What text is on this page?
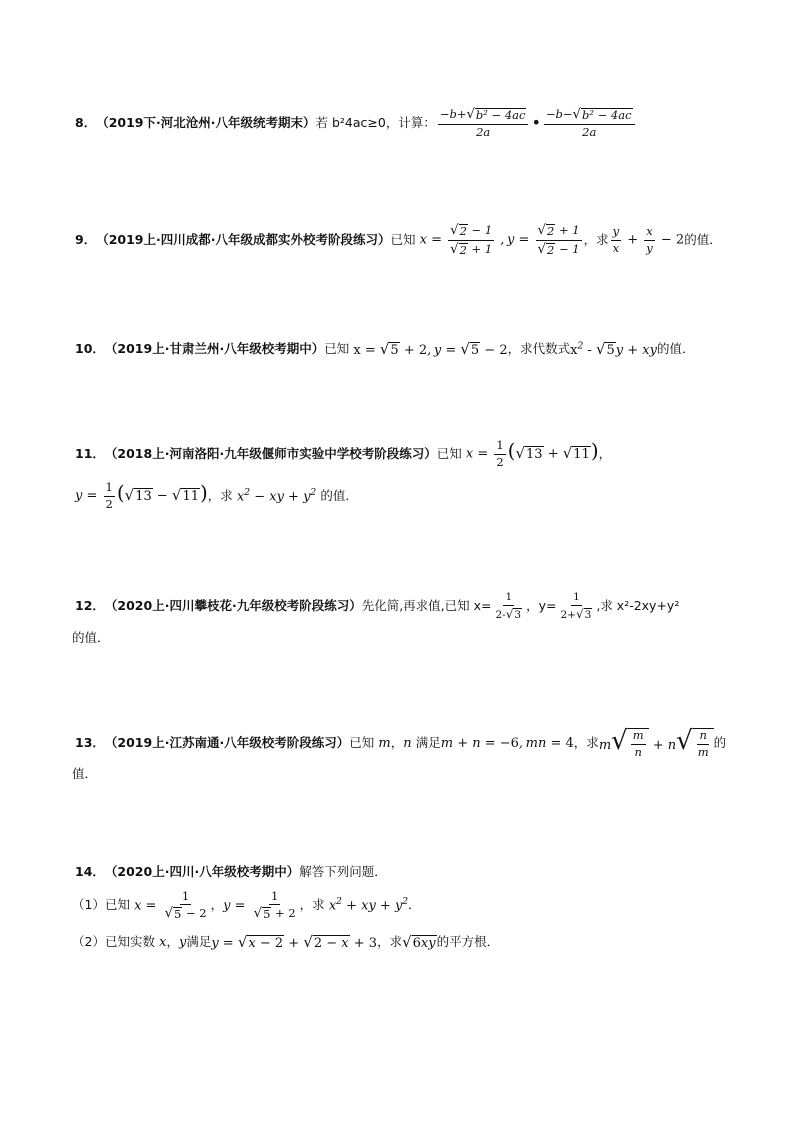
8． （2019下·河北沧州·八年级统考期末） 若 b²4ac≥0，计算： $\frac{\text{−b+ √ b² − 4ac}}{2a}$ • $\frac{\text{−b− √ b² − 4ac}}{2a}$
9． （2019上·四川成都·八年级成都实外校考阶段练习） 已知 $x = \frac{√ 2 - 1}{√ 2 + 1}$ , $y = \frac{√ 2 + 1}{√ 2 - 1}$ ，求 $\frac{y}{x} + \frac{x}{y} - 2$ 的值．
10． （2019上·甘肃兰州·八年级校考期中） 已知 x = √ 5 + 2, y = √ 5 − 2 ，求代数式 $x^2$ - √ 5 y + xy 的值．
11． （2018上·河南洛阳·九年级偃师市实验中学校考阶段练习） 已知 $x = \frac{1}{2}$ ( √ 13 + √ 11 ) ，
$y = \frac{1}{2}$ ( √ 13 − √ 11 ) ，求 $x^2$ − xy + $y^2$ 的值．
12． （2020上·四川攀枝花·九年级校考阶段练习） 先化简,再求值,已知 $x= \frac{1}{2- √ 3}$ ，$y= \frac{1}{2+ √ 3}$ ,求 x²-2xy+y²
的值．
13． （2019上·江苏南通·八年级校考阶段练习） 已知 m ， n 满足 m + n = −6, mn = 4 ，求 m √ $\frac{m}{n} + n$ √ $\frac{n}{m}$ 的
值．
14． （2020上·四川·八年级校考期中） 解答下列问题．
（1）已知 $x = \frac{1}{√ 5 - 2}$ ， $y = \frac{1}{√ 5 + 2}$ ，求 $x^2$ + xy + $y^2$ ．
（2）已知实数 x ， y 满足 y = √ x − 2 + √ 2 − x + 3 ，求 √ 6xy 的平方根．
